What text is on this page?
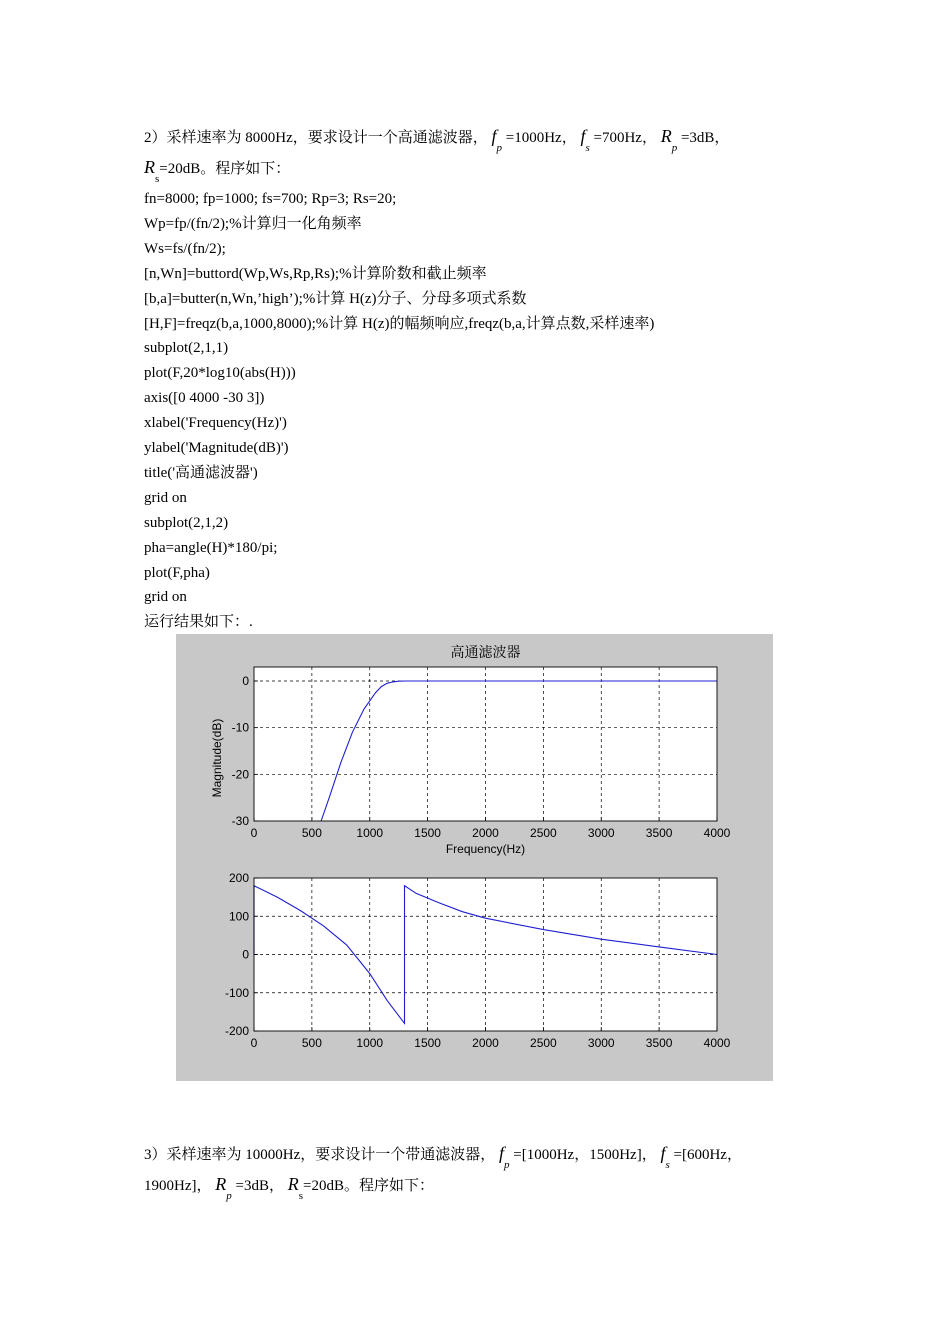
2）采样速率为 8000Hz，要求设计一个高通滤波器， $f_p =1000Hz$， $f_s =700Hz$， $R_p =3dB$，
$R_s=20dB$。程序如下：
fn=8000; fp=1000; fs=700; Rp=3; Rs=20;
Wp=fp/(fn/2);%计算归一化角频率
Ws=fs/(fn/2);
[n,Wn]=buttord(Wp,Ws,Rp,Rs);%计算阶数和截止频率
[b,a]=butter(n,Wn,’high’);%计算 H(z)分子、分母多项式系数
[H,F]=freqz(b,a,1000,8000);%计算 H(z)的幅频响应,freqz(b,a,计算点数,采样速率)
subplot(2,1,1)
plot(F,20*log10(abs(H)))
axis([0 4000 -30 3])
xlabel('Frequency(Hz)')
ylabel('Magnitude(dB)')
title('高通滤波器')
grid on
subplot(2,1,2)
pha=angle(H)*180/pi;
plot(F,pha)
grid on
运行结果如下：.
0	500	1000	1500	2000	2500	3000	3500	4000
0
-10
-20
-30
高通滤波器
Frequency(Hz)
Magnitude(dB)
0	500	1000	1500	2000	2500	3000	3500	4000
200
100
0
-100
-200
3）采样速率为 10000Hz，要求设计一个带通滤波器， $f_p =[1000Hz$，1500Hz]， $f_s =[600Hz$，
1900Hz]， $R_p =3dB$， $R_s=20dB$。程序如下：
